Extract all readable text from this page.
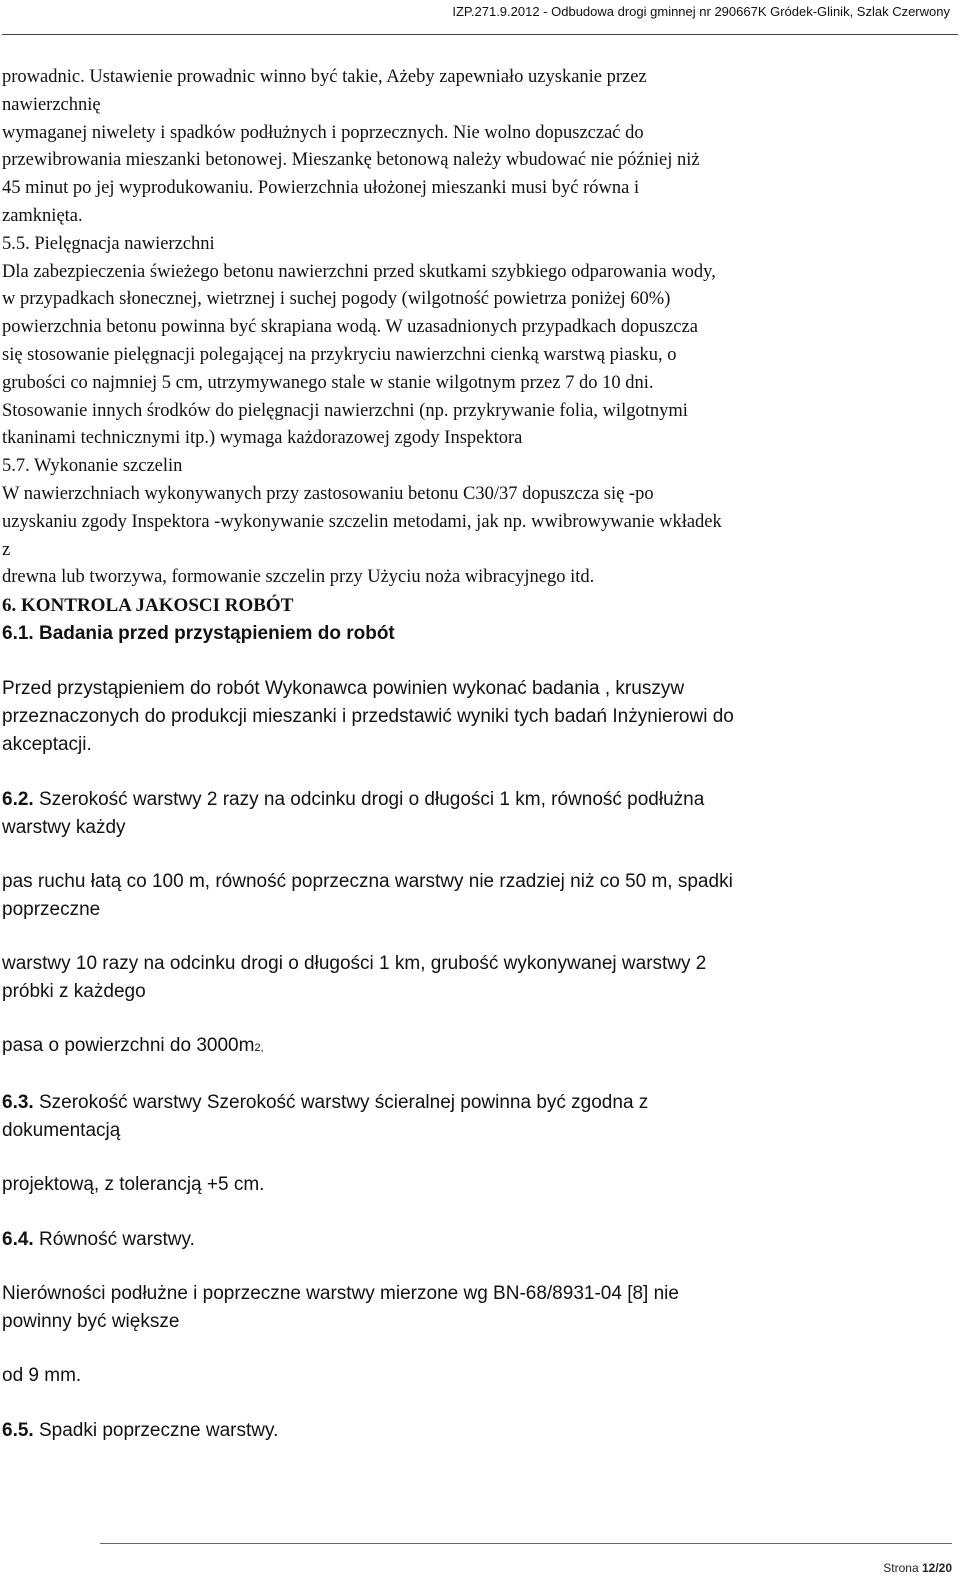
IZP.271.9.2012 - Odbudowa drogi gminnej nr 290667K Gródek-Glinik, Szlak Czerwony

prowadnic. Ustawienie prowadnic winno być takie, Ażeby zapewniało uzyskanie przez

nawierzchnię

wymaganej niwelety i spadków podłużnych i poprzecznych. Nie wolno dopuszczać do

przewibrowania mieszanki betonowej. Mieszankę betonową należy wbudować nie później niż

45 minut po jej wyprodukowaniu. Powierzchnia ułożonej mieszanki musi być równa i

zamknięta.

5.5. Pielęgnacja nawierzchni

Dla zabezpieczenia świeżego betonu nawierzchni przed skutkami szybkiego odparowania wody,

w przypadkach słonecznej, wietrznej i suchej pogody (wilgotność powietrza poniżej 60%)

powierzchnia betonu powinna być skrapiana wodą. W uzasadnionych przypadkach dopuszcza

się stosowanie pielęgnacji polegającej na przykryciu nawierzchni cienką warstwą piasku, o

grubości co najmniej 5 cm, utrzymywanego stale w stanie wilgotnym przez 7 do 10 dni.

Stosowanie innych środków do pielęgnacji nawierzchni (np. przykrywanie folia, wilgotnymi

tkaninami technicznymi itp.) wymaga każdorazowej zgody Inspektora

5.7. Wykonanie szczelin

W nawierzchniach wykonywanych przy zastosowaniu betonu C30/37 dopuszcza się -po

uzyskaniu zgody Inspektora -wykonywanie szczelin metodami, jak np. wwibrowywanie wkładek

z

drewna lub tworzywa, formowanie szczelin przy Użyciu noża wibracyjnego itd.

6. KONTROLA JAKOSCI ROBÓT

6.1. Badania przed przystąpieniem do robót

Przed przystąpieniem do robót Wykonawca powinien wykonać badania , kruszyw

przeznaczonych do produkcji mieszanki i przedstawić wyniki tych badań Inżynierowi do

akceptacji.

6.2. Szerokość warstwy 2 razy na odcinku drogi o długości 1 km, równość podłużna

warstwy każdy

pas ruchu łatą co 100 m, równość poprzeczna warstwy nie rzadziej niż co 50 m, spadki

poprzeczne

warstwy 10 razy na odcinku drogi o długości 1 km, grubość wykonywanej warstwy 2

próbki z każdego

pasa o powierzchni do 3000m2,

6.3. Szerokość warstwy Szerokość warstwy ścieralnej powinna być zgodna z

dokumentacją

projektową, z tolerancją +5 cm.

6.4. Równość warstwy.

Nierówności podłużne i poprzeczne warstwy mierzone wg BN-68/8931-04 [8] nie

powinny być większe

od 9 mm.

6.5. Spadki poprzeczne warstwy.

Strona 12/20
